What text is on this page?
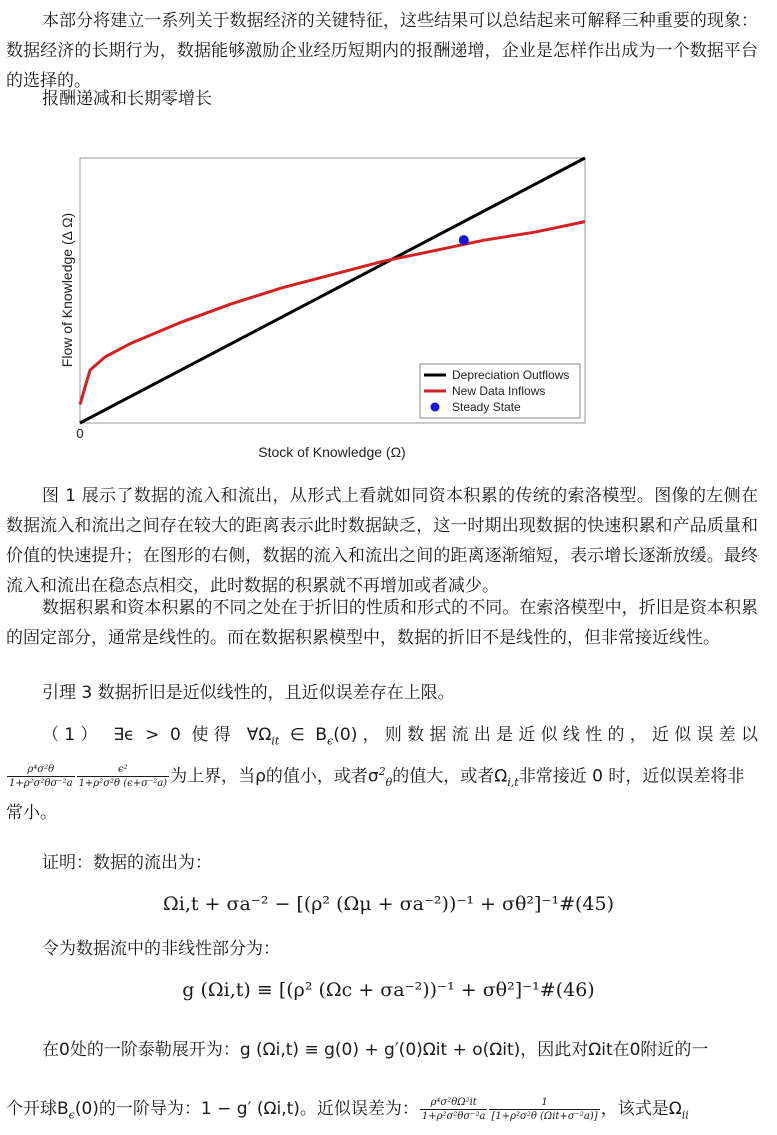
本部分将建立一系列关于数据经济的关键特征，这些结果可以总结起来可解释三种重要的现象：数据经济的长期行为，数据能够激励企业经历短期内的报酬递增，企业是怎样作出成为一个数据平台的选择的。

报酬递减和长期零增长

0
Stock of Knowledge (Ω)
Flow of Knowledge (Δ Ω)
Depreciation Outflows
New Data Inflows
Steady State

图 1 展示了数据的流入和流出，从形式上看就如同资本积累的传统的索洛模型。图像的左侧在数据流入和流出之间存在较大的距离表示此时数据缺乏，这一时期出现数据的快速积累和产品质量和价值的快速提升；在图形的右侧，数据的流入和流出之间的距离逐渐缩短，表示增长逐渐放缓。最终流入和流出在稳态点相交，此时数据的积累就不再增加或者减少。

数据积累和资本积累的不同之处在于折旧的性质和形式的不同。在索洛模型中，折旧是资本积累的固定部分，通常是线性的。而在数据积累模型中，数据的折旧不是线性的，但非常接近线性。

引理 3 数据折旧是近似线性的，且近似误差存在上限。

（1） ∃ϵ > 0 使得 $\forall\Omega_{it}$ ∈ $B_\epsilon(0)$，则数据流出是近似线性的，近似误差以
$\frac{\text{ρ⁴σ²θ}}{\text{1+ρ²σ²θσ⁻²a}} \frac{\text{ϵ²}}{\text{1+ρ²σ²θ (ϵ+σ⁻²a)}}$ 为上界，当ρ的值小，或者$\sigma^2_\theta$的值大，或者$\Omega_{i,t}$非常接近 0 时，近似误差将非常小。

证明：数据的流出为：

Ωi,t + σa⁻² − [(ρ² (Ωμ + σa⁻²))⁻¹ + σθ²]⁻¹#(45)

令为数据流中的非线性部分为：

g (Ωi,t) ≡ [(ρ² (Ωc + σa⁻²))⁻¹ + σθ²]⁻¹#(46)

在0处的一阶泰勒展开为：g (Ωi,t) ≡ g(0) + g′(0)Ωit + o(Ωit)，因此对Ωit在0附近的一

个开球$B_\epsilon(0)$的一阶导为：1 − g′ (Ωi,t)。近似误差为： $\frac{\text{ρ⁴σ²θΩ²it}}{\text{1+ρ²σ²θσ⁻²a}} \frac{1}{\text{[1+ρ²σ²θ (Ωit+σ⁻²a)]}}$ ，该式是$\Omega_{ii}$
